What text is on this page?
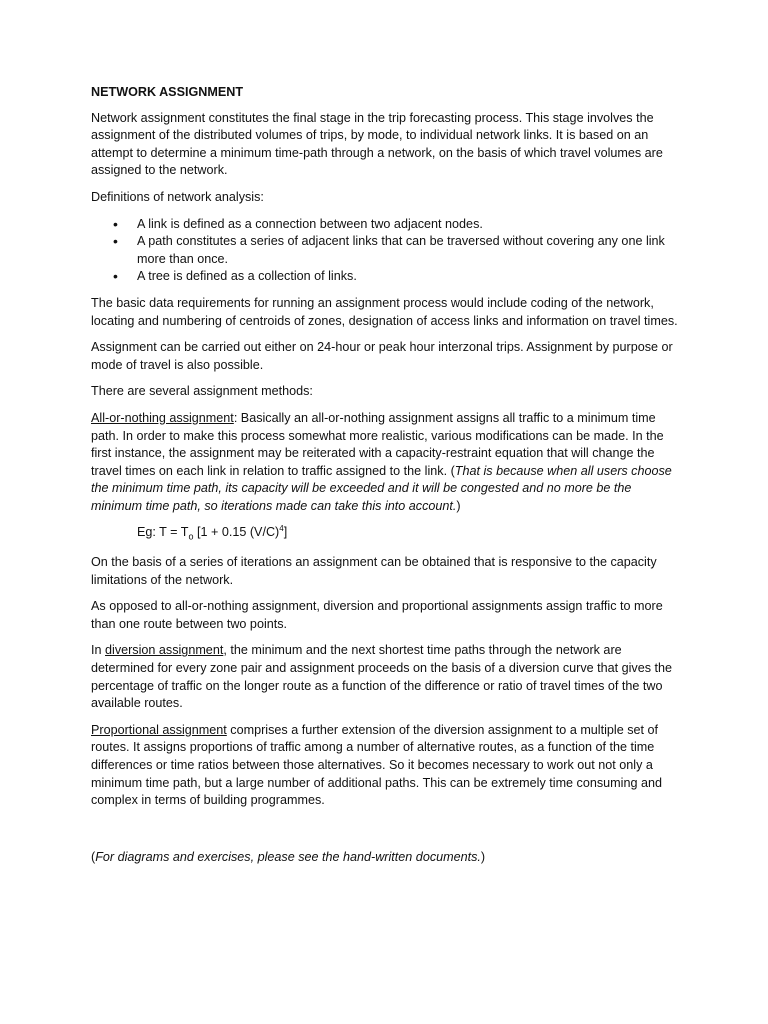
NETWORK ASSIGNMENT

Network assignment constitutes the final stage in the trip forecasting process. This stage involves the assignment of the distributed volumes of trips, by mode, to individual network links. It is based on an attempt to determine a minimum time-path through a network, on the basis of which travel volumes are assigned to the network.

Definitions of network analysis:

• A link is defined as a connection between two adjacent nodes.
• A path constitutes a series of adjacent links that can be traversed without covering any one link more than once.
• A tree is defined as a collection of links.

The basic data requirements for running an assignment process would include coding of the network, locating and numbering of centroids of zones, designation of access links and information on travel times.

Assignment can be carried out either on 24-hour or peak hour interzonal trips. Assignment by purpose or mode of travel is also possible.

There are several assignment methods:

All-or-nothing assignment: Basically an all-or-nothing assignment assigns all traffic to a minimum time path. In order to make this process somewhat more realistic, various modifications can be made. In the first instance, the assignment may be reiterated with a capacity-restraint equation that will change the travel times on each link in relation to traffic assigned to the link. (That is because when all users choose the minimum time path, its capacity will be exceeded and it will be congested and no more be the minimum time path, so iterations made can take this into account.)

Eg: $T = T_o$ [1 + 0.15 $(V/C)^4$]

On the basis of a series of iterations an assignment can be obtained that is responsive to the capacity limitations of the network.

As opposed to all-or-nothing assignment, diversion and proportional assignments assign traffic to more than one route between two points.

In diversion assignment, the minimum and the next shortest time paths through the network are determined for every zone pair and assignment proceeds on the basis of a diversion curve that gives the percentage of traffic on the longer route as a function of the difference or ratio of travel times of the two available routes.

Proportional assignment comprises a further extension of the diversion assignment to a multiple set of routes. It assigns proportions of traffic among a number of alternative routes, as a function of the time differences or time ratios between those alternatives. So it becomes necessary to work out not only a minimum time path, but a large number of additional paths. This can be extremely time consuming and complex in terms of building programmes.

(For diagrams and exercises, please see the hand-written documents.)
